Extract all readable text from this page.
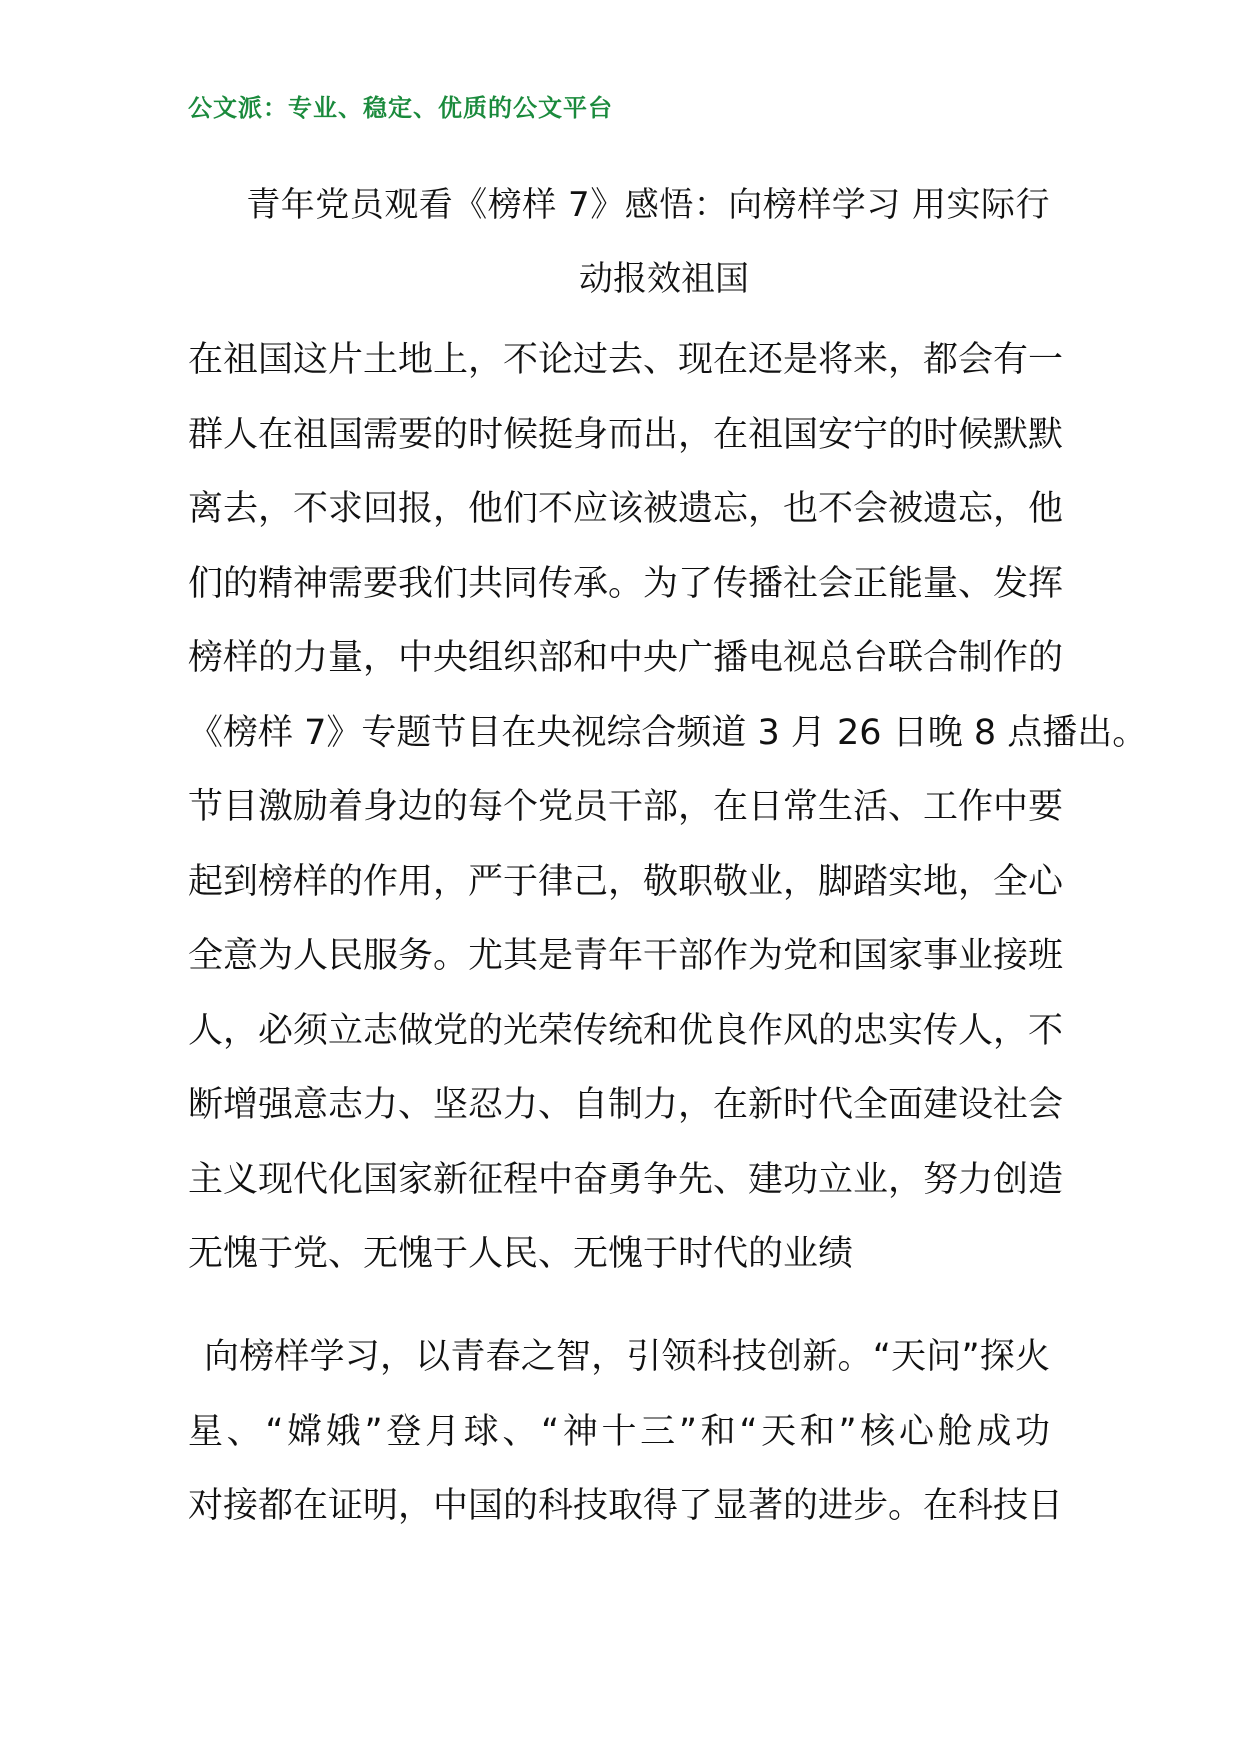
公文派：专业、稳定、优质的公文平台
青年党员观看《榜样 7》感悟：向榜样学习 用实际行
动报效祖国
在祖国这片土地上，不论过去、现在还是将来，都会有一
群人在祖国需要的时候挺身而出，在祖国安宁的时候默默
离去，不求回报，他们不应该被遗忘，也不会被遗忘，他
们的精神需要我们共同传承。为了传播社会正能量、发挥
榜样的力量，中央组织部和中央广播电视总台联合制作的
《榜样 7》专题节目在央视综合频道 3 月 26 日晚 8 点播出。
节目激励着身边的每个党员干部，在日常生活、工作中要
起到榜样的作用，严于律己，敬职敬业，脚踏实地，全心
全意为人民服务。尤其是青年干部作为党和国家事业接班
人，必须立志做党的光荣传统和优良作风的忠实传人，不
断增强意志力、坚忍力、自制力，在新时代全面建设社会
主义现代化国家新征程中奋勇争先、建功立业，努力创造
无愧于党、无愧于人民、无愧于时代的业绩
向榜样学习，以青春之智，引领科技创新。“天问”探火
星、“嫦娥”登月球、“神十三”和“天和”核心舱成功
对接都在证明，中国的科技取得了显著的进步。在科技日
